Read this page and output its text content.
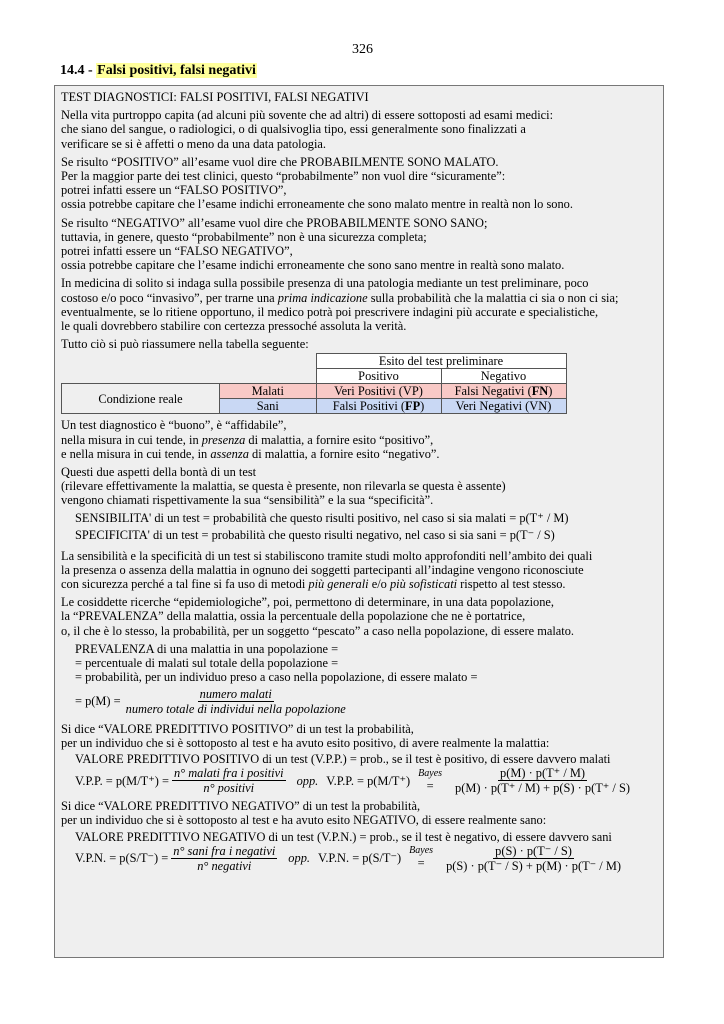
326
14.4 - Falsi positivi, falsi negativi
TEST DIAGNOSTICI: FALSI POSITIVI, FALSI NEGATIVI
Nella vita purtroppo capita (ad alcuni più sovente che ad altri) di essere sottoposti ad esami medici:
che siano del sangue, o radiologici, o di qualsivoglia tipo, essi generalmente sono finalizzati a
verificare se si è affetti o meno da una data patologia.
Se risulto “POSITIVO” all’esame vuol dire che PROBABILMENTE SONO MALATO.
Per la maggior parte dei test clinici, questo “probabilmente” non vuol dire “sicuramente”:
potrei infatti essere un “FALSO POSITIVO”,
ossia potrebbe capitare che l’esame indichi erroneamente che sono malato mentre in realtà non lo sono.
Se risulto “NEGATIVO” all’esame vuol dire che PROBABILMENTE SONO SANO;
tuttavia, in genere, questo “probabilmente” non è una sicurezza completa;
potrei infatti essere un “FALSO NEGATIVO”,
ossia potrebbe capitare che l’esame indichi erroneamente che sono sano mentre in realtà sono malato.
In medicina di solito si indaga sulla possibile presenza di una patologia mediante un test preliminare, poco
costoso e/o poco “invasivo”, per trarne una prima indicazione sulla probabilità che la malattia ci sia o non ci sia;
eventualmente, se lo ritiene opportuno, il medico potrà poi prescrivere indagini più accurate e specialistiche,
le quali dovrebbero stabilire con certezza pressoché assoluta la verità.
Tutto ciò si può riassumere nella tabella seguente:
		Esito del test preliminare	
		Positivo	Negativo
Condizione reale	Malati	Veri Positivi (VP)	Falsi Negativi (FN)
	Sani	Falsi Positivi (FP)	Veri Negativi (VN)
Un test diagnostico è “buono”, è “affidabile”,
nella misura in cui tende, in presenza di malattia, a fornire esito “positivo”,
e nella misura in cui tende, in assenza di malattia, a fornire esito “negativo”.
Questi due aspetti della bontà di un test
(rilevare effettivamente la malattia, se questa è presente, non rilevarla se questa è assente)
vengono chiamati rispettivamente la sua “sensibilità” e la sua “specificità”.
SENSIBILITA' di un test = probabilità che questo risulti positivo, nel caso si sia malati = p(T⁺ / M)
SPECIFICITA' di un test = probabilità che questo risulti negativo, nel caso si sia sani = p(T⁻ / S)
La sensibilità e la specificità di un test si stabiliscono tramite studi molto approfonditi nell’ambito dei quali
la presenza o assenza della malattia in ognuno dei soggetti partecipanti all’indagine vengono riconosciute
con sicurezza perché a tal fine si fa uso di metodi più generali e/o più sofisticati rispetto al test stesso.
Le cosiddette ricerche “epidemiologiche”, poi, permettono di determinare, in una data popolazione,
la “PREVALENZA” della malattia, ossia la percentuale della popolazione che ne è portatrice,
o, il che è lo stesso, la probabilità, per un soggetto “pescato” a caso nella popolazione, di essere malato.
PREVALENZA di una malattia in una popolazione =
= percentuale di malati sul totale della popolazione =
= probabilità, per un individuo preso a caso nella popolazione, di essere malato =
= $p(M) = \frac{\text{numero malati}}{\text{numero totale di individui nella popolazione}}$
Si dice “VALORE PREDITTIVO POSITIVO” di un test la probabilità,
per un individuo che si è sottoposto al test e ha avuto esito positivo, di avere realmente la malattia:
VALORE PREDITTIVO POSITIVO di un test (V.P.P.) = prob., se il test è positivo, di essere davvero malati
V.P.P. = $p(M/T^+) = \frac{\text{n° malati fra i positivi}}{\text{n° positivi}}$ opp. V.P.P. = p(M/T⁺)
Bayes
= $\frac{p(M) \cdot p(T^+ / M)}{p(M) \cdot p(T^+ / M) + p(S) \cdot p(T^+ / S)}$
Si dice “VALORE PREDITTIVO NEGATIVO” di un test la probabilità,
per un individuo che si è sottoposto al test e ha avuto esito NEGATIVO, di essere realmente sano:
VALORE PREDITTIVO NEGATIVO di un test (V.P.N.) = prob., se il test è negativo, di essere davvero sani
V.P.N. = $p(S/T^-) = \frac{\text{n° sani fra i negativi}}{\text{n° negativi}}$ opp. V.P.N. = p(S/T⁻)
Bayes
= $\frac{p(S) \cdot p(T^- / S)}{p(S) \cdot p(T^- / S) + p(M) \cdot p(T^- / M)}$
